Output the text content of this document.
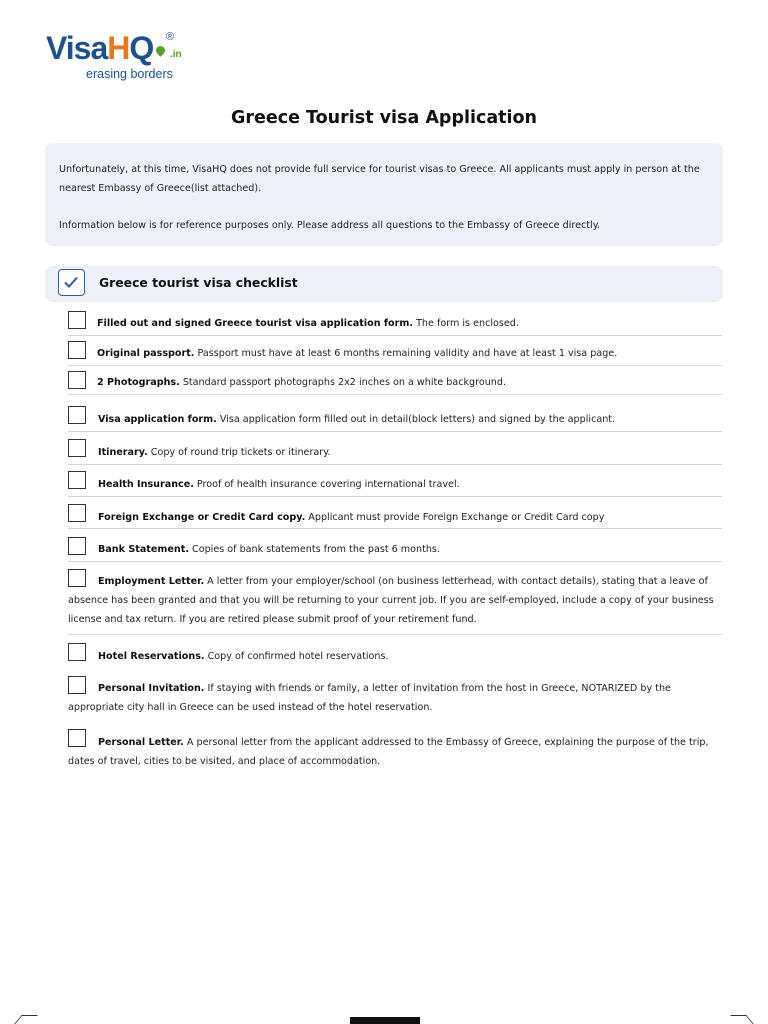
VisaHQ ®
.in
erasing borders
Greece Tourist visa Application

Unfortunately, at this time, VisaHQ does not provide full service for tourist visas to Greece. All applicants must apply in person at the nearest Embassy of Greece(list attached).

Information below is for reference purposes only. Please address all questions to the Embassy of Greece directly.

Greece tourist visa checklist
Filled out and signed Greece tourist visa application form. The form is enclosed.
Original passport. Passport must have at least 6 months remaining validity and have at least 1 visa page.
2 Photographs. Standard passport photographs 2x2 inches on a white background.
Visa application form. Visa application form filled out in detail(block letters) and signed by the applicant.
Itinerary. Copy of round trip tickets or itinerary.
Health Insurance. Proof of health insurance covering international travel.
Foreign Exchange or Credit Card copy. Applicant must provide Foreign Exchange or Credit Card copy
Bank Statement. Copies of bank statements from the past 6 months.
Employment Letter. A letter from your employer/school (on business letterhead, with contact details), stating that a leave of absence has been granted and that you will be returning to your current job. If you are self-employed, include a copy of your business license and tax return. If you are retired please submit proof of your retirement fund.
Hotel Reservations. Copy of confirmed hotel reservations.
Personal Invitation. If staying with friends or family, a letter of invitation from the host in Greece, NOTARIZED by the appropriate city hall in Greece can be used instead of the hotel reservation.
Personal Letter. A personal letter from the applicant addressed to the Embassy of Greece, explaining the purpose of the trip, dates of travel, cities to be visited, and place of accommodation.
